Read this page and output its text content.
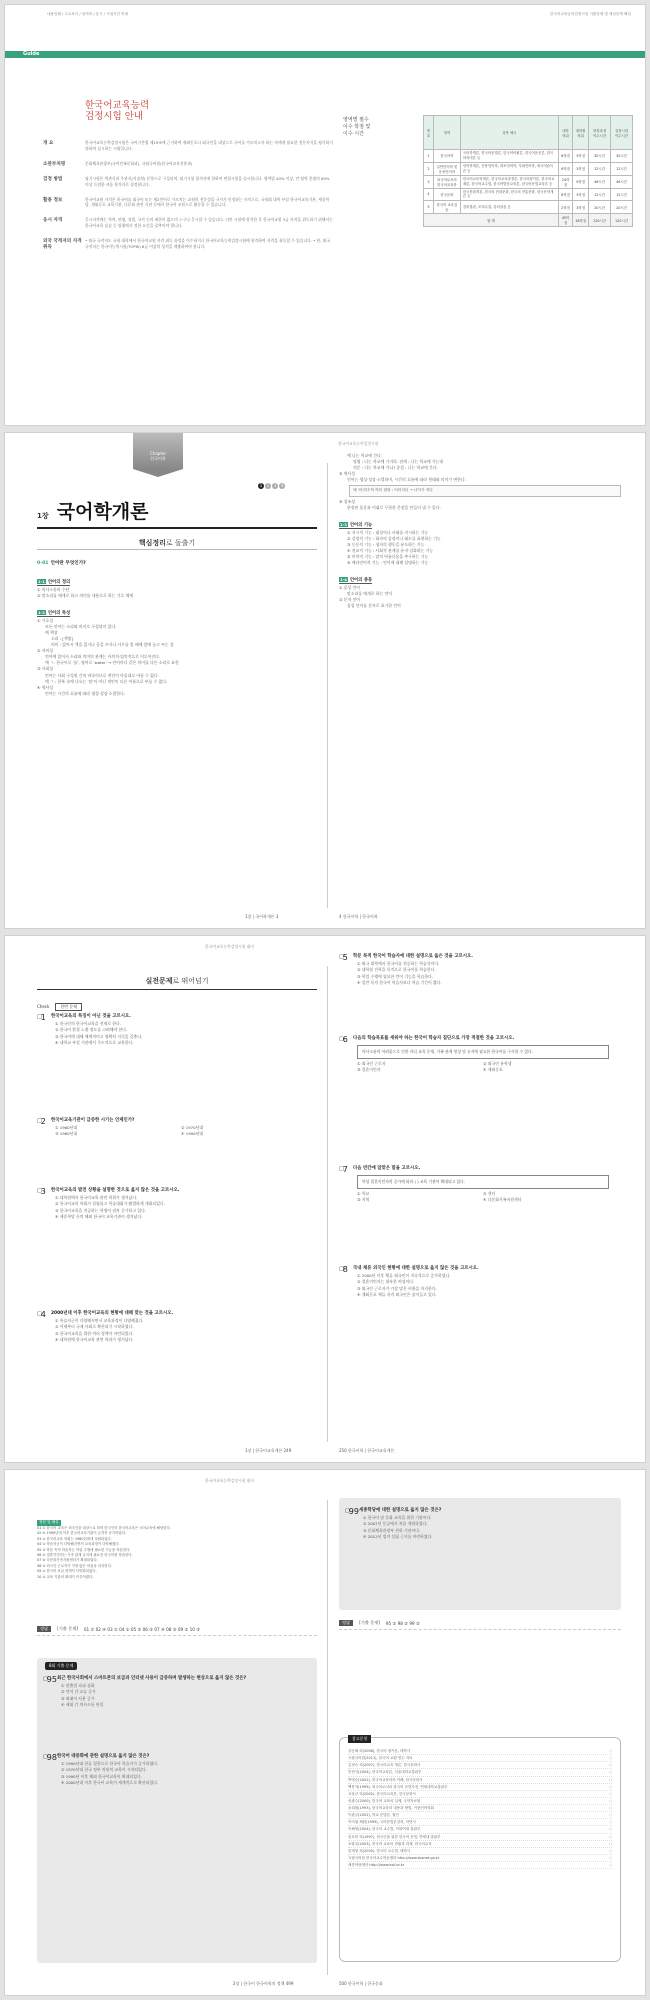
내용인쇄 / 주요표기 / 성적표 / 응시 / 시험시간 안내	한국어교육능력검정시험 기출문제 및 예상문제 해설
Guide
한국어교육능력
검정시험 안내
개 요	한국어교육능력검정시험은 국어기본법 제19조에 근거하여 재외동포나 외국인을 대상으로 국어를 가르치고자 하는 자에게 필요한 전문지식을 평가하기 위하여 실시하는 시험입니다.
소관부처명	문화체육관광부(국어민족문화과), 국립국어원(한국어교육진흥과)
검정 방법	필기시험은 객관식과 주관식(서술형) 문항으로 구성되며, 필기시험 합격자에 한하여 면접시험을 실시합니다. 영역별 40% 이상, 전 영역 총점의 60% 이상 득점한 자를 합격자로 결정합니다.
활용 정보	한국어교원 자격은 한국어를 외국어 또는 제2언어로 가르치는 교원의 전문성을 국가가 인정하는 자격으로, 국내외 대학 부설 한국어교육기관, 세종학당, 재외동포 교육기관, 다문화 관련 기관 등에서 한국어 교원으로 활동할 수 있습니다.
응시 자격	응시자격에는 학력, 연령, 성별, 국적 등의 제한이 없으며 누구나 응시할 수 있습니다. 다만 시험에 합격한 후 한국어교원 3급 자격을 취득하기 위해서는 한국어교육 실습 등 법령에서 정한 요건을 갖추어야 합니다.
외국 국적자의 자격 취득
• 외국 국적자도 국내 대학에서 한국어교원 자격 취득 과정을 이수하거나 한국어교육능력검정시험에 합격하여 자격을 취득할 수 있습니다. • 단, 외국 국적자는 한국어능력시험(TOPIK) 6급 이상의 성적을 제출하여야 합니다.
영역별 필수
이수 학점 및
이수 시간
번호	영역	과목 예시	대학 학위	대학원 학위	양성과정 이수시간	검정시험 이수시간
1	한국어학	국어학개론, 한국어문법론, 한국어어휘론, 한국어음운론, 한국어의미론 등	6학점	3학점	30시간	30시간
2	일반언어학 및 응용언어학	언어학개론, 응용언어학, 대조언어학, 사회언어학, 외국어습득론 등	6학점	3학점	12시간	12시간
3	외국어로서의 한국어교육학	한국어교육학개론, 한국어교육과정론, 한국어평가론, 한국어교재론, 한국어교수법, 한국어발음교육론, 한국어문법교육론 등	24학점	9학점	46시간	46시간
4	한국문화	한국문화개론, 한국의 현대문화, 한국의 전통문화, 한국문학개론 등	6학점	3학점	12시간	12시간
5	한국어 교육실습	강의참관, 모의수업, 강의실습 등	2학점	3학점	20시간	20시간
합 계			45학점	18학점	120시간	120시간
Chapter
한국어학
1	2	3	4
1장 국어학개론
한국어교육능력검정시험
핵심정리로 돌출기
0-01 언어란 무엇인가?
1-1 언어의 정의

① 의사소통의 수단

② 말소리를 매개로 하고 의미를 내용으로 하는 기호 체계

1-2 언어의 특성

① 기호성

모든 언어는 소리와 의미로 구성되어 있다.

예 책상

소리 : [책쌍]

의미 : 앉아서 책을 읽거나 글을 쓰거나 사무를 볼 때에 앞에 놓고 쓰는 상

② 자의성

언어에 있어서 소리와 의미의 관계는 자의적·임의적으로 이루어진다.

예 ㄱ: 한국어로 '물', 영어로 'water' → 언어마다 같은 의미를 다른 소리로 표현

③ 사회성

언어는 사회 구성원 간의 약속이므로 개인이 마음대로 바꿀 수 없다.

예 ㄱ : 한복 속에 나오는 '말'이 아닌 개인이 다른 이름으로 부를 수 없다.

④ 역사성

언어는 시간의 흐름에 따라 생성·성장·소멸한다.

예 나는 학교에 간다.

명령 : 너는 학교에 가거라. 관계 : 나는 학교에 가는데

의문 : 너는 학교에 가니? 종결 : 나는 학교에 간다.

⑤ 역사성

언어는 생성·성장·소멸하며, 시간의 흐름에 따라 형태와 의미가 변한다.

예 '어리다'의 의미 변화 : 어리석다 → 나이가 적다

⑥ 창조성

한정된 음운과 어휘로 무한한 문장을 만들어 낼 수 있다.

1-3 언어의 기능

① 지시적 기능 : 대상이나 사태를 지시하는 기능

② 감정적 기능 : 화자의 감정이나 태도를 표현하는 기능

③ 능동적 기능 : 청자의 행동을 유도하는 기능

④ 친교적 기능 : 사회적 관계를 유지·강화하는 기능

⑤ 미학적 기능 : 말의 아름다움을 추구하는 기능

⑥ 메타언어적 기능 : 언어에 대해 설명하는 기능

1-4 언어의 종류

① 음성 언어

말소리를 매개로 하는 언어

② 문자 언어

음성 언어를 문자로 표기한 언어

1장 | 국어학개론 3	4 한국어학 | 한국어학
한국어교육능력검정시험 대비
실전문제로 뛰어넘기
Check	한번 문제
□ 1	한국어교육의 특징이 아닌 것을 고르시오.
① 한국인의 한국어교육을 전제로 한다.
② 한국어 환경 노출 정도를 고려해야 한다.
③ 한국어에 대해 체계적이고 명확히 지식을 갖춘다.
④ 대학교 부설 기관에서 주도적으로 교육한다.
□ 2	한국어교육기관이 급증한 시기는 언제인가?
① 1960년대	② 1970년대
③ 1980년대	④ 1990년대
□ 3	한국어교육의 발전 상황을 설명한 것으로 옳지 않은 것을 고르시오.
① 대학원에서 한국어교육 관련 학위가 생겨났다.
② 한국어교육 학회가 설립되고 학술대회가 활발하게 개최되었다.
③ 한국어교육을 전공하는 학생이 점차 증가하고 있다.
④ 세종학당 등의 해외 한국어 교육기관이 생겨났다.
□ 4	2000년대 이후 한국어교육의 현황에 대해 맞는 것을 고르시오.
① 학습자군이 다양해지면서 교육과정이 다양해졌다.
② 이제부터 국제 사회로 확산되기 시작하였다.
③ 한국어교육을 위한 여러 정책이 마련되었다.
④ 대학원에 한국어교육 관련 학과가 생겨났다.
□ 5	학문 목적 한국어 학습자에 대한 설명으로 옳은 것을 고르시오.
① 외국 대학에서 한국어를 전공하는 학습자이다.
② 대학원 진학을 목적으로 한국어를 학습한다.
③ 학업 수행에 필요한 언어 기능을 학습한다.
④ 일반 목적 한국어 학습자보다 학습 기간이 짧다.
□ 6	다음의 학습목표를 세워야 하는 한국어 학습자 집단으로 가장 적절한 것을 고르시오.
의사소통의 어려움으로 인한 자녀 교육 문제, 가족 관계 형성 및 유지에 필요한 한국어를 구사할 수 있다.
① 외국인 근로자	② 외국인 유학생
③ 결혼이민자	④ 재외동포
□ 7	다음 빈칸에 알맞은 말을 고르시오.
여성 결혼이민자의 증가에 따라 ( ) 교육 기관이 확대되고 있다.
① 학교	② 센터
③ 지역	④ 다문화가족지원센터
□ 8	국내 체류 외국인 현황에 대한 설명으로 옳지 않은 것을 고르시오.
① 2000년 이후 체류 외국인이 지속적으로 증가하였다.
② 결혼이민자는 대부분 여성이다.
③ 외국인 근로자가 가장 많은 비율을 차지한다.
④ 재외동포 체류 자격 외국인은 줄어들고 있다.
1장 | 한국어교육개론 249	250 한국어학 | 한국어교육개론
한국어교육능력검정시험 대비
정답 및 해설
01 ① 한국어 교육은 외국인을 대상으로 하며 한국인의 한국어교육은 국어교육에 해당한다.
02 ④ 1990년대 이후 한국어교육기관이 급격히 증가하였다.
03 ② 한국어교육 학회는 1980년대에 설립되었다.
04 ① 학습자군이 다양해지면서 교육과정이 다양해졌다.
05 ③ 학문 목적 학습자는 학업 수행에 필요한 기능을 학습한다.
06 ③ 결혼이민자는 가족 관계 유지에 필요한 한국어를 학습한다.
07 ④ 다문화가족지원센터가 확대되었다.
08 ③ 외국인 근로자가 가장 많은 비율을 차지한다.
09 ② 한국어 보급 정책이 다양화되었다.
10 ③ 교육 기관의 확대가 이루어졌다.
정답	[기출 문제] 01 ① 02 ④ 03 ② 04 ① 05 ③ 06 ③ 07 ④ 08 ③ 09 ② 10 ③
8회 기출 문제
□ 95 최근 한국사회에서 스마트폰의 보급과 인터넷 사용이 급증하며 발생하는 현상으로 옳지 않은 것은?
① 맞춤법 파괴 심화
② 언어 간 교류 증가
③ 외래어 사용 증가
④ 세대 간 의사소통 단절
□ 98 한국어 대중화에 관한 설명으로 옳지 않은 것은?
① 1990년대 한류 열풍으로 한국어 학습자가 증가하였다.
② 1970년대 한국 정부 차원의 교육이 시작되었다.
③ 1990년 이후 해외 한국어교육이 확대되었다.
④ 2000년대 이후 한국어 교육이 세계적으로 확산되었다.
□ 99 세종학당에 대한 설명으로 옳지 않은 것은?
① 한국어 및 문화 교육을 위한 기관이다.
② 2007년 몽골에서 처음 개원하였다.
③ 문화체육관광부 산하 기관이다.
④ 2012년 법적 설립 근거를 마련하였다.
정답	[기출 문제] 95 ② 98 ② 99 ③
참고문헌
강승혜 외(2006), 한국어 평가론, 태학사 ○
국립국어원(2011), 한국어 교원 연수 자료 ○
김정숙 외(2007), 한국어교육 개론, 한국문화사 ○
민현식(2004), 한국어교육론, 서울대학교출판부 ○
박영순(2002), 한국어교육학의 이해, 한국문화사 ○
백봉자(1999), 외국어로서의 한국어 문법사전, 연세대학교출판부 ○
서상규 외(2002), 한국어교육론, 한국문화사 ○
성광수(2000), 한국어 교육의 실제, 국학자료원 ○
윤희원(1993), 한국어교육의 내용과 방법, 이중언어학회 ○
이관규(2002), 학교 문법론, 월인 ○
이익섭·채완(1999), 국어문법론강의, 학연사 ○
이해영(2004), 한국어 교수법, 이화여대 출판부 ○
임호빈 외(1997), 외국인을 위한 한국어 문법, 연세대 출판부 ○
조항록(2003), 한국어 교육의 현황과 과제, 한국어교육 ○
한재영 외(2005), 한국어 교수법, 태학사 ○
국립국어원 한국어교수학습샘터 http://www.kosnet.go.kr ○
세종학당재단 http://www.ksif.or.kr ○
2장 | 한국어 한국어학의 정책 499	500 한국어학 | 한국문화
